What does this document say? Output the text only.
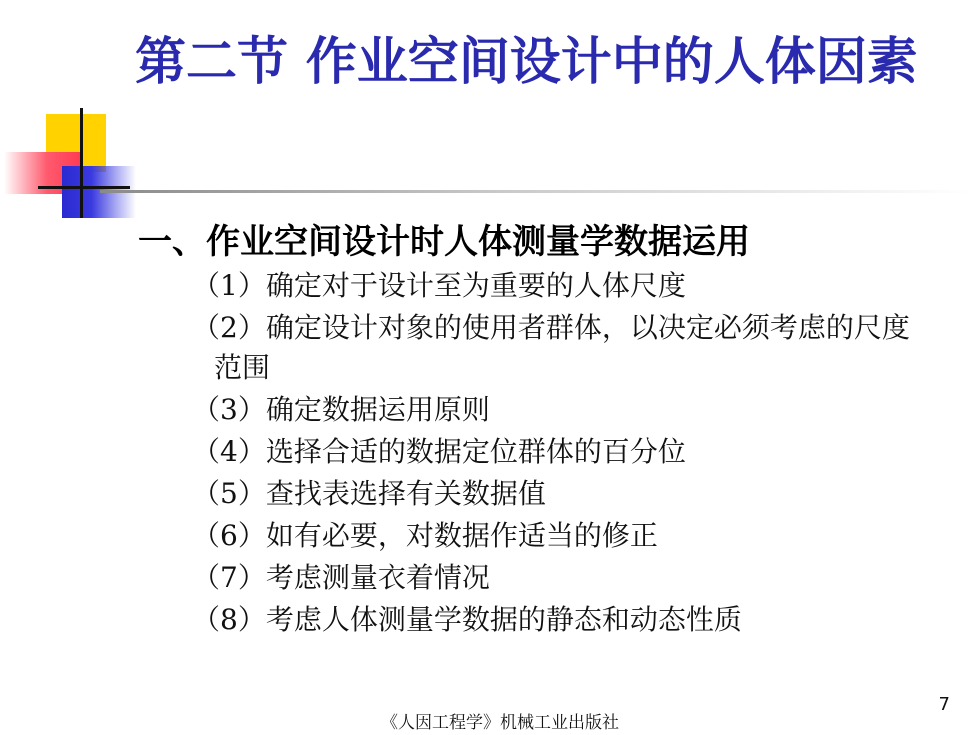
第二节 作业空间设计中的人体因素
一、作业空间设计时人体测量学数据运用
（1）确定对于设计至为重要的人体尺度
（2）确定设计对象的使用者群体，以决定必须考虑的尺度范围
（3）确定数据运用原则
（4）选择合适的数据定位群体的百分位
（5）查找表选择有关数据值
（6）如有必要，对数据作适当的修正
（7）考虑测量衣着情况
（8）考虑人体测量学数据的静态和动态性质
7
《人因工程学》机械工业出版社
